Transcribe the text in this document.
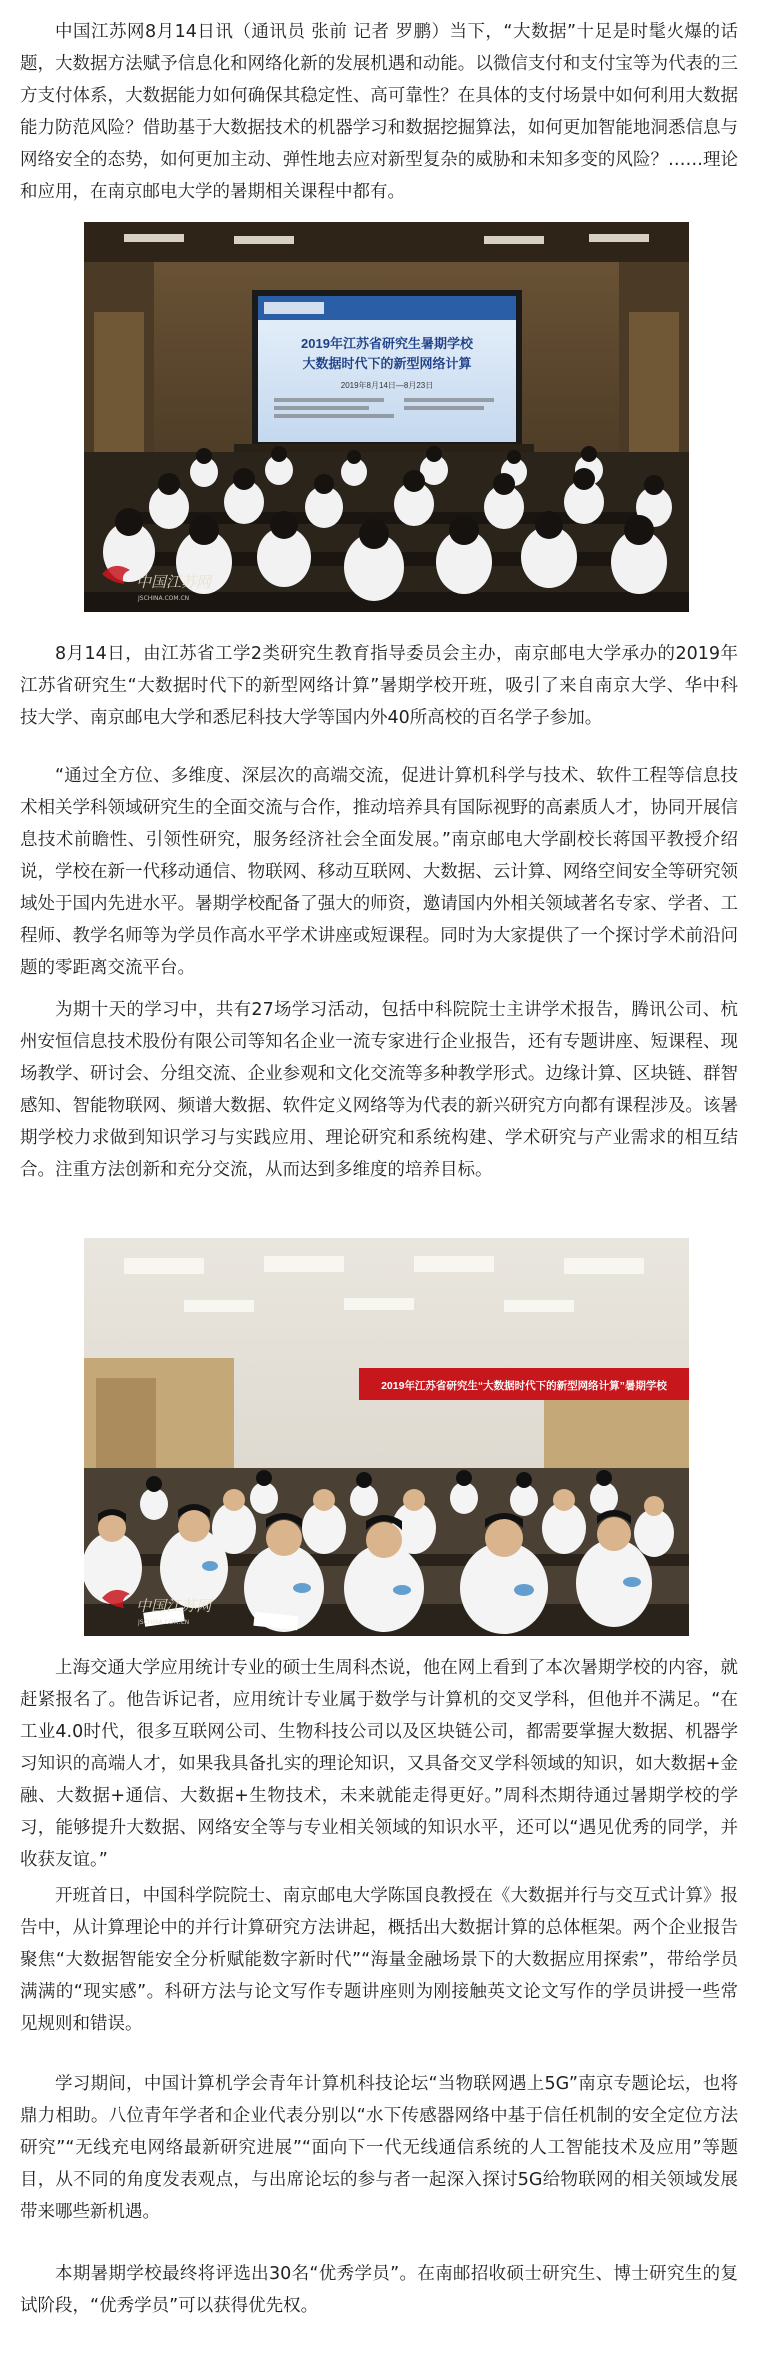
中国江苏网8月14日讯（通讯员 张前 记者 罗鹏）当下，“大数据”十足是时髦火爆的话题，大数据方法赋予信息化和网络化新的发展机遇和动能。以微信支付和支付宝等为代表的三方支付体系，大数据能力如何确保其稳定性、高可靠性？在具体的支付场景中如何利用大数据能力防范风险？借助基于大数据技术的机器学习和数据挖掘算法，如何更加智能地洞悉信息与网络安全的态势，如何更加主动、弹性地去应对新型复杂的威胁和未知多变的风险？……理论和应用，在南京邮电大学的暑期相关课程中都有。

2019年江苏省研究生暑期学校
大数据时代下的新型网络计算
2019年8月14日—8月23日
中国江苏网
JSCHINA.COM.CN

8月14日，由江苏省工学2类研究生教育指导委员会主办，南京邮电大学承办的2019年江苏省研究生“大数据时代下的新型网络计算”暑期学校开班，吸引了来自南京大学、华中科技大学、南京邮电大学和悉尼科技大学等国内外40所高校的百名学子参加。

“通过全方位、多维度、深层次的高端交流，促进计算机科学与技术、软件工程等信息技术相关学科领域研究生的全面交流与合作，推动培养具有国际视野的高素质人才，协同开展信息技术前瞻性、引领性研究，服务经济社会全面发展。”南京邮电大学副校长蒋国平教授介绍说，学校在新一代移动通信、物联网、移动互联网、大数据、云计算、网络空间安全等研究领域处于国内先进水平。暑期学校配备了强大的师资，邀请国内外相关领域著名专家、学者、工程师、教学名师等为学员作高水平学术讲座或短课程。同时为大家提供了一个探讨学术前沿问题的零距离交流平台。

为期十天的学习中，共有27场学习活动，包括中科院院士主讲学术报告，腾讯公司、杭州安恒信息技术股份有限公司等知名企业一流专家进行企业报告，还有专题讲座、短课程、现场教学、研讨会、分组交流、企业参观和文化交流等多种教学形式。边缘计算、区块链、群智感知、智能物联网、频谱大数据、软件定义网络等为代表的新兴研究方向都有课程涉及。该暑期学校力求做到知识学习与实践应用、理论研究和系统构建、学术研究与产业需求的相互结合。注重方法创新和充分交流，从而达到多维度的培养目标。

2019年江苏省研究生“大数据时代下的新型网络计算”暑期学校
中国江苏网
JSCHINA.COM.CN

上海交通大学应用统计专业的硕士生周科杰说，他在网上看到了本次暑期学校的内容，就赶紧报名了。他告诉记者，应用统计专业属于数学与计算机的交叉学科，但他并不满足。“在工业4.0时代，很多互联网公司、生物科技公司以及区块链公司，都需要掌握大数据、机器学习知识的高端人才，如果我具备扎实的理论知识，又具备交叉学科领域的知识，如大数据+金融、大数据+通信、大数据+生物技术，未来就能走得更好。”周科杰期待通过暑期学校的学习，能够提升大数据、网络安全等与专业相关领域的知识水平，还可以“遇见优秀的同学，并收获友谊。”

开班首日，中国科学院院士、南京邮电大学陈国良教授在《大数据并行与交互式计算》报告中，从计算理论中的并行计算研究方法讲起，概括出大数据计算的总体框架。两个企业报告聚焦“大数据智能安全分析赋能数字新时代”“海量金融场景下的大数据应用探索”，带给学员满满的“现实感”。科研方法与论文写作专题讲座则为刚接触英文论文写作的学员讲授一些常见规则和错误。

学习期间，中国计算机学会青年计算机科技论坛“当物联网遇上5G”南京专题论坛，也将鼎力相助。八位青年学者和企业代表分别以“水下传感器网络中基于信任机制的安全定位方法研究”“无线充电网络最新研究进展”“面向下一代无线通信系统的人工智能技术及应用”等题目，从不同的角度发表观点，与出席论坛的参与者一起深入探讨5G给物联网的相关领域发展带来哪些新机遇。

本期暑期学校最终将评选出30名“优秀学员”。在南邮招收硕士研究生、博士研究生的复试阶段，“优秀学员”可以获得优先权。
